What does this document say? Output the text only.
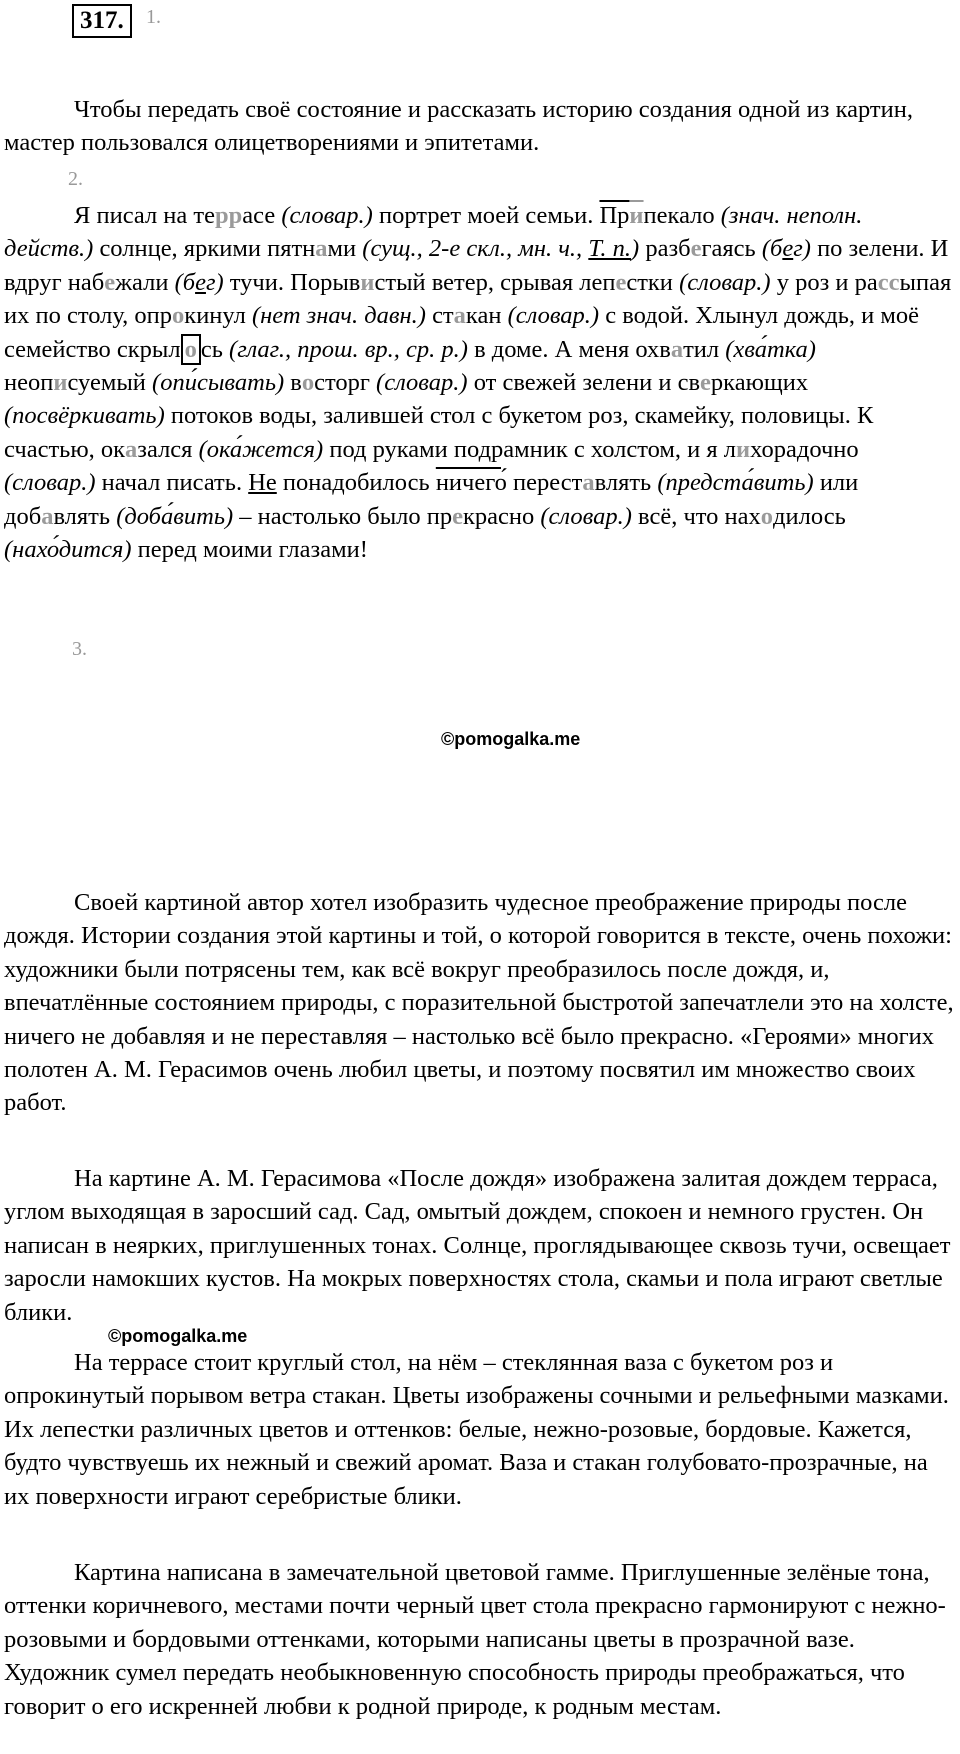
317.	1.

Чтобы передать своё состояние и рассказать историю создания одной из картин, мастер пользовался олицетворениями и эпитетами.

2.

Я писал на террасе (словар.) портрет моей семьи. Припекало (знач. неполн. действ.) солнце, яркими пятнами (сущ., 2-е скл., мн. ч., Т. п.) разбегаясь (бег) по зелени. И вдруг набежали (бег) тучи. Порывистый ветер, срывая лепестки (словар.) у роз и рассыпая их по столу, опрокинул (нет знач. давн.) стакан (словар.) с водой. Хлынул дождь, и моё семейство скрыл о сь (глаг., прош. вр., ср. р.) в доме. А меня охватил (хва́тка) неописуемый (опи́сывать) восторг (словар.) от свежей зелени и сверкающих (посвёркивать) потоков воды, залившей стол с букетом роз, скамейку, половицы. К счастью, оказался (ока́жется) под руками подрамник с холстом, и я лихорадочно (словар.) начал писать. Не понадобилось ничего́ переставлять (предста́вить) или добавлять (доба́вить) – настолько было прекрасно (словар.) всё, что находилось (нахо́дится) перед моими глазами!

3.
©pomogalka.me

Своей картиной автор хотел изобразить чудесное преображение природы после дождя. Истории создания этой картины и той, о которой говорится в тексте, очень похожи: художники были потрясены тем, как всё вокруг преобразилось после дождя, и, впечатлённые состоянием природы, с поразительной быстротой запечатлели это на холсте, ничего не добавляя и не переставляя – настолько всё было прекрасно. «Героями» многих полотен А. М. Герасимов очень любил цветы, и поэтому посвятил им множество своих работ.

На картине А. М. Герасимова «После дождя» изображена залитая дождем терраса, углом выходящая в заросший сад. Сад, омытый дождем, спокоен и немного грустен. Он написан в неярких, приглушенных тонах. Солнце, проглядывающее сквозь тучи, освещает заросли намокших кустов. На мокрых поверхностях стола, скамьи и пола играют светлые блики.

©pomogalka.me

На террасе стоит круглый стол, на нём – стеклянная ваза с букетом роз и опрокинутый порывом ветра стакан. Цветы изображены сочными и рельефными мазками. Их лепестки различных цветов и оттенков: белые, нежно-розовые, бордовые. Кажется, будто чувствуешь их нежный и свежий аромат. Ваза и стакан голубовато-прозрачные, на их поверхности играют серебристые блики.

Картина написана в замечательной цветовой гамме. Приглушенные зелёные тона, оттенки коричневого, местами почти черный цвет стола прекрасно гармонируют с нежно-розовыми и бордовыми оттенками, которыми написаны цветы в прозрачной вазе. Художник сумел передать необыкновенную способность природы преображаться, что говорит о его искренней любви к родной природе, к родным местам.
